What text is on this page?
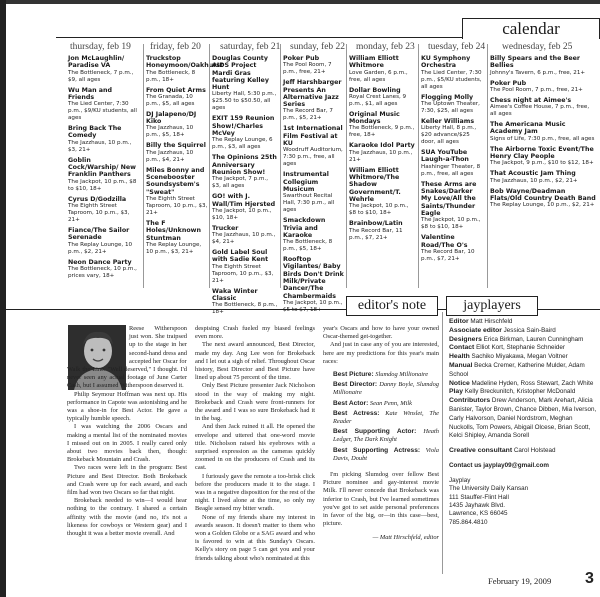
calendar
thursday, feb 19
Jon McLaughlin/ Paradise VA
The Bottleneck, 7 p.m., $9, all ages
Wu Man and Friends
The Lied Center, 7:30 p.m., $9/KU students, all ages
Bring Back The Comedy
The Jazzhaus, 10 p.m., $3, 21+
Goblin Cock/Warship/ New Franklin Panthers
The Jackpot, 10 p.m., $8 to $10, 18+
Cyrus D/Godzilla
The Eighth Street Taproom, 10 p.m., $3, 21+
Fiance/The Sailor Serenade
The Replay Lounge, 10 p.m., $2, 21+
Neon Dance Party
The Bottleneck, 10 p.m., prices vary, 18+
friday, feb 20
Truckstop Honeymoon/Oakhurst
The Bottleneck, 8 p.m., 18+
From Quiet Arms
The Granada, 10 p.m., $5, all ages
DJ Jalapeno/DJ Kiko
The Jazzhaus, 10 p.m., $5, 18+
Billy the Squirrel
The Jazzhaus, 10 p.m., $4, 21+
Miles Bonny and Scenebooster Soundsystem's "Sweat"
The Eighth Street Taproom, 10 p.m., $3, 21+
The F Holes/Unknown Stuntman
The Replay Lounge, 10 p.m., $3, 21+
saturday, feb 21
Douglas County AIDS Project Mardi Gras featuring Kelley Hunt
Liberty Hall, 5:30 p.m., $25.50 to $50.50, all ages
EXIT 159 Reunion Show!/Charles McVey
The Replay Lounge, 6 p.m., $3, all ages
The Opinions 25th Anniversary Reunion Show!
The Jackpot, 7 p.m., $3, all ages
GO! with J. Wall/Tim Hjersted
The Jackpot, 10 p.m., $10, 18+
Trucker
The Jazzhaus, 10 p.m., $4, 21+
Gold Label Soul with Sadie Kent
The Eighth Street Taproom, 10 p.m., $3, 21+
Waka Winter Classic
The Bottleneck, 8 p.m., 18+
sunday, feb 22
Poker Pub
The Pool Room, 7 p.m., free, 21+
Jeff Harshbarger Presents An Alternative Jazz Series
The Record Bar, 7 p.m., $5, 21+
1st International Film Festival at KU
Woodruff Auditorium, 7:30 p.m., free, all ages
Instrumental Collegium Musicum
Swarthout Recital Hall, 7:30 p.m., all ages
Smackdown Trivia and Karaoke
The Bottleneck, 8 p.m., $5, 18+
Rooftop Vigilantes/ Baby Birds Don't Drink Milk/Private Dancer/The Chambermaids
The Jackpot, 10 p.m., $5 to $7, 18+
monday, feb 23
William Elliott Whitmore
Love Garden, 6 p.m., free, all ages
Dollar Bowling
Royal Crest Lanes, 9 p.m., $1, all ages
Original Music Mondays
The Bottleneck, 9 p.m., free, 18+
Karaoke Idol Party
The Jazzhaus, 10 p.m., 21+
William Elliott Whitmore/The Shadow Government/T. Wehrle
The Jackpot, 10 p.m., $8 to $10, 18+
Brainbow/Latin
The Record Bar, 11 p.m., $7, 21+
tuesday, feb 24
KU Symphony Orchestra
The Lied Center, 7:30 p.m., $5/KU students, all ages
Flogging Molly
The Uptown Theater, 7:30, $25, all ages
Keller Williams
Liberty Hall, 8 p.m., $20 advance/$25 door, all ages
SUA YouTube Laugh-a-Thon
Hashinger Theater, 8 p.m., free, all ages
These Arms are Snakes/Darker My Love/All the Saints/Thunder Eagle
The Jackpot, 10 p.m., $8 to $10, 18+
Valentine Road/The O's
The Record Bar, 10 p.m., $7, 21+
wednesday, feb 25
Billy Spears and the Beer Bellies
Johnny's Tavern, 6 p.m., free, 21+
Poker Pub
The Pool Room, 7 p.m., free, 21+
Chess night at Aimee's
Aimee's Coffee House, 7 p.m., free, all ages
The Americana Music Academy Jam
Signs of Life, 7:30 p.m., free, all ages
The Airborne Toxic Event/The Henry Clay People
The Jackpot, 9 p.m., $10 to $12, 18+
That Acoustic Jam Thing
The Jazzhaus, 10 p.m., $2, 21+
Bob Wayne/Deadman Flats/Old Country Death Band
The Replay Lounge, 10 p.m., $2, 21+
editor's note	jayplayers

Reese Witherspoon just won. She traipsed up to the stage in her second-hand dress and accepted her Oscar for

Walk the Line. "Well deserved," I thought. I'd never seen any actual footage of June Carter Cash, but I assumed Witherspoon deserved it.

Philip Seymour Hoffman was next up. His performance in Capote was astonishing and he was a shoe-in for Best Actor. He gave a typically humble speech.

I was watching the 2006 Oscars and making a mental list of the nominated movies I missed out on in 2005. I really cared only about two movies back then, though: Brokeback Mountain and Crash.

Two races were left in the program: Best Picture and Best Director. Both Brokeback and Crash were up for each award, and each film had won two Oscars so far that night.

Brokeback needed to win—I would hear nothing to the contrary. I shared a certain affinity with the movie (and no, it's not a likeness for cowboys or Western gear) and I thought it was a better movie overall. And

despising Crash fueled my biased feelings even more.

The next award announced, Best Director, made my day. Ang Lee won for Brokeback and I let out a sigh of relief. Throughout Oscar history, Best Director and Best Picture have lined up about 75 percent of the time.

Only Best Picture presenter Jack Nicholson stood in the way of making my night. Brokeback and Crash were front-runners for the award and I was so sure Brokeback had it in the bag.

And then Jack ruined it all. He opened the envelope and uttered that one-word movie title. Nicholson raised his eyebrows with a surprised expression as the cameras quickly zoomed in on the producers of Crash and its cast.

I furiously gave the remote a too-brisk click before the producers made it to the stage. I was in a negative disposition for the rest of the night. I lived alone at the time, so only my Beagle sensed my bitter wrath.

None of my friends share my interest in awards season. It doesn't matter to them who won a Golden Globe or a SAG award and who is favored to win at this Sunday's Oscars. Kelly's story on page 5 can get you and your friends talking about who's nominated at this

year's Oscars and how to have your owned Oscar-themed get-together.

And just in case any of you are interested, here are my predictions for this year's main races:

Best Picture: Slumdog Millionaire
Best Director: Danny Boyle, Slumdog Millionaire
Best Actor: Sean Penn, Milk
Best Actress: Kate Winslet, The Reader
Best Supporting Actor: Heath Ledger, The Dark Knight
Best Supporting Actress: Viola Davis, Doubt

I'm picking Slumdog over fellow Best Picture nominee and gay-interest movie Milk. I'll never concede that Brokeback was inferior to Crash, but I've learned sometimes you've got to set aside personal preferences in favor of the big, or—in this case—best, picture.

— Matt Hirschfeld, editor

Editor Matt Hirschfeld
Associate editor Jessica Sain-Baird
Designers Erica Birkman, Lauren Cunningham
Contact Elliot Kort, Stephanie Schneider
Health Sachiko Miyakawa, Megan Voltner
Manual Becka Cremer, Katherine Mulder, Adam School
Notice Madeline Hyden, Ross Stewart, Zach White
Play Kelly Breckunitch, Kristopher McDonald
Contributors Drew Anderson, Mark Arehart, Alicia Banister, Taylor Brown, Chance Dibben, Mia Iverson, Carly Halvorson, Daniel Nordstrom, Meghan Nuckolls, Tom Powers, Abigail Olcese, Brian Scott, Kelci Shipley, Amanda Sorell
Creative consultant Carol Holstead
Contact us jayplay09@gmail.com
Jayplay
The University Daily Kansan
111 Stauffer-Flint Hall
1435 Jayhawk Blvd.
Lawrence, KS 66045
785.864.4810
February 19, 2009 3
